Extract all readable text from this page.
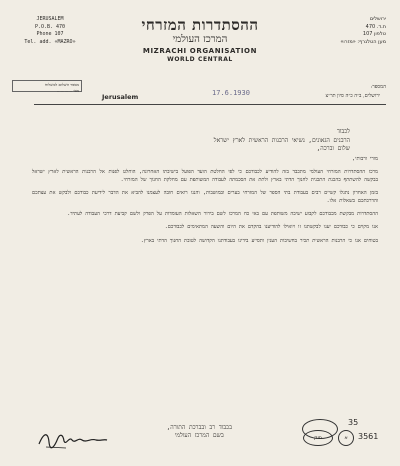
ההסתדרות המזרחי
המרכז העולמי
MIZRACHI ORGANISATION
WORLD CENTRAL
JERUSALEM
P.O.B. 470
Phone 107
Tel. add. «MAZRO»
ירושלים
ת.ד. 470
טלפון 107
מען הטלגרף: «מזרו»
מספר השלום למשלוח
מס׳ ............	המספר:
Jerusalem	17.6.1930	ירושלים, ב״ה כ״ה סיון תר״צ
לכבוד
הרבנים הגאונים, נשיאי הרבנות הראשית לארץ ישראל
שלום וברכה,

מורי ורבותי,

מרכז ההסתדרות המזרחי העולמי מתכבד בזה להודיע לכבודכם כי לפי החלטת הועד הפועל בישיבתו האחרונה, הוחלט לפנות אל הרבנות הראשית לארץ ישראל בבקשה להשתתף בהכנת התכנית לחנוך הדתי בארץ ולתת את הסכמתה לעבודה המשותפת עם מחלקת החנוך של המזרחי.

בזמן האחרון נתגלו קשיים רבים בעבודת בתי הספר של המזרחי בערים ובמושבות, והננו רואים חובה לעצמנו להביא את הדבר לידיעת כבודכם ולבקש את עצתכם והדרכתכם בשאלות אלו.

ההסתדרות מבקשת מכבודכם לקבוע ישיבה משותפת עם באי כח המרכז לשם בירור השאלות העומדות על הפרק ולשם קביעת דרכי העבודה לעתיד.

אנו מקוים כי כבודכם יענו לבקשתנו זו ויואילו להודיענו בהקדם את היום והשעה המתאימים לכבודכם.

בטוחים אנו כי הרבנות הראשית תכיר בחשיבות הענין ותסייע בידינו בעבודתנו הקדושה לטובת החנוך הדתי בארץ.

בכבוד רב ובברכת התורה,
בשם המרכז העולמי	תיק	א
35
3561
